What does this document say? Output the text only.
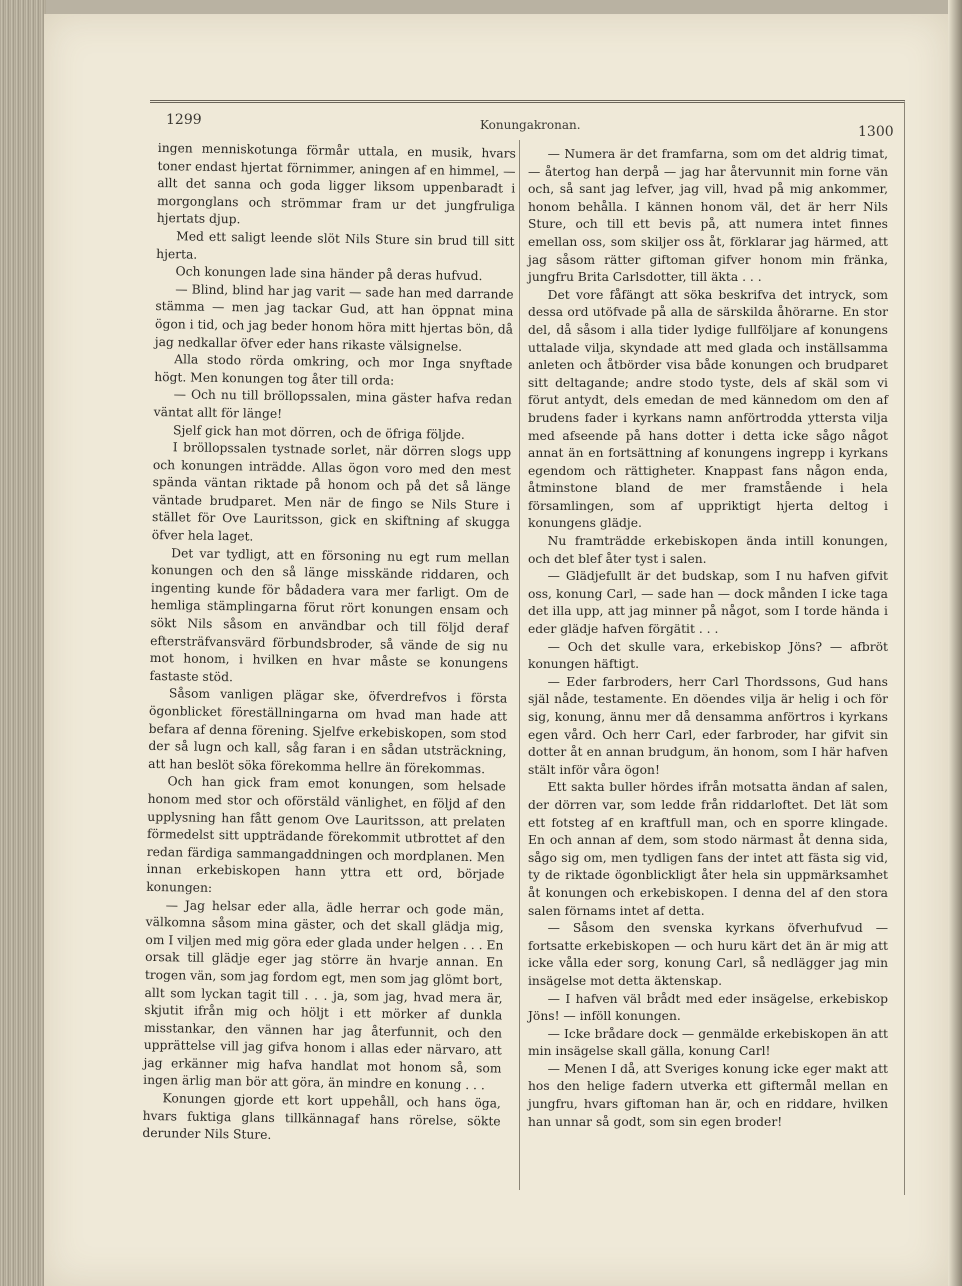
1299	Konungakronan.	1300

ingen menniskotunga förmår uttala, en musik, hvars toner endast hjertat förnimmer, aningen af en himmel, — allt det sanna och goda ligger liksom uppenbaradt i morgonglans och strömmar fram ur det jungfruliga hjertats djup.

Med ett saligt leende slöt Nils Sture sin brud till sitt hjerta.

Och konungen lade sina händer på deras hufvud.

— Blind, blind har jag varit — sade han med darrande stämma — men jag tackar Gud, att han öppnat mina ögon i tid, och jag beder honom höra mitt hjertas bön, då jag nedkallar öfver eder hans rikaste välsignelse.

Alla stodo rörda omkring, och mor Inga snyftade högt. Men konungen tog åter till orda:

— Och nu till bröllopssalen, mina gäster hafva redan väntat allt för länge!

Sjelf gick han mot dörren, och de öfriga följde.

I bröllopssalen tystnade sorlet, när dörren slogs upp och konungen inträdde. Allas ögon voro med den mest spända väntan riktade på honom och på det så länge väntade brudparet. Men när de fingo se Nils Sture i stället för Ove Lauritsson, gick en skiftning af skugga öfver hela laget.

Det var tydligt, att en försoning nu egt rum mellan konungen och den så länge misskände riddaren, och ingenting kunde för bådadera vara mer farligt. Om de hemliga stämplingarna förut rört konungen ensam och sökt Nils såsom en användbar och till följd deraf eftersträfvansvärd förbundsbroder, så vände de sig nu mot honom, i hvilken en hvar måste se konungens fastaste stöd.

Såsom vanligen plägar ske, öfverdrefvos i första ögonblicket föreställningarna om hvad man hade att befara af denna förening. Sjelfve erkebiskopen, som stod der så lugn och kall, såg faran i en sådan utsträckning, att han beslöt söka förekomma hellre än förekommas.

Och han gick fram emot konungen, som helsade honom med stor och oförstäld vänlighet, en följd af den upplysning han fått genom Ove Lauritsson, att prelaten förmedelst sitt uppträdande förekommit utbrottet af den redan färdiga sammangaddningen och mordplanen. Men innan erkebiskopen hann yttra ett ord, började konungen:

— Jag helsar eder alla, ädle herrar och gode män, välkomna såsom mina gäster, och det skall glädja mig, om I viljen med mig göra eder glada under helgen . . . En orsak till glädje eger jag större än hvarje annan. En trogen vän, som jag fordom egt, men som jag glömt bort, allt som lyckan tagit till . . . ja, som jag, hvad mera är, skjutit ifrån mig och höljt i ett mörker af dunkla misstankar, den vännen har jag återfunnit, och den upprättelse vill jag gifva honom i allas eder närvaro, att jag erkänner mig hafva handlat mot honom så, som ingen ärlig man bör att göra, än mindre en konung . . .

Konungen gjorde ett kort uppehåll, och hans öga, hvars fuktiga glans tillkännagaf hans rörelse, sökte derunder Nils Sture.

— Numera är det framfarna, som om det aldrig timat, — återtog han derpå — jag har återvunnit min forne vän och, så sant jag lefver, jag vill, hvad på mig ankommer, honom behålla. I kännen honom väl, det är herr Nils Sture, och till ett bevis på, att numera intet finnes emellan oss, som skiljer oss åt, förklarar jag härmed, att jag såsom rätter giftoman gifver honom min fränka, jungfru Brita Carlsdotter, till äkta . . .

Det vore fåfängt att söka beskrifva det intryck, som dessa ord utöfvade på alla de särskilda åhörarne. En stor del, då såsom i alla tider lydige fullföljare af konungens uttalade vilja, skyndade att med glada och inställsamma anleten och åtbörder visa både konungen och brudparet sitt deltagande; andre stodo tyste, dels af skäl som vi förut antydt, dels emedan de med kännedom om den af brudens fader i kyrkans namn anförtrodda yttersta vilja med afseende på hans dotter i detta icke sågo något annat än en fortsättning af konungens ingrepp i kyrkans egendom och rättigheter. Knappast fans någon enda, åtminstone bland de mer framstående i hela församlingen, som af uppriktigt hjerta deltog i konungens glädje.

Nu framträdde erkebiskopen ända intill konungen, och det blef åter tyst i salen.

— Glädjefullt är det budskap, som I nu hafven gifvit oss, konung Carl, — sade han — dock månden I icke taga det illa upp, att jag minner på något, som I torde hända i eder glädje hafven förgätit . . .

— Och det skulle vara, erkebiskop Jöns? — afbröt konungen häftigt.

— Eder farbroders, herr Carl Thordssons, Gud hans själ nåde, testamente. En döendes vilja är helig i och för sig, konung, ännu mer då densamma anförtros i kyrkans egen vård. Och herr Carl, eder farbroder, har gifvit sin dotter åt en annan brudgum, än honom, som I här hafven stält inför våra ögon!

Ett sakta buller hördes ifrån motsatta ändan af salen, der dörren var, som ledde från riddarloftet. Det lät som ett fotsteg af en kraftfull man, och en sporre klingade. En och annan af dem, som stodo närmast åt denna sida, sågo sig om, men tydligen fans der intet att fästa sig vid, ty de riktade ögonblickligt åter hela sin uppmärksamhet åt konungen och erkebiskopen. I denna del af den stora salen förnams intet af detta.

— Såsom den svenska kyrkans öfverhufvud — fortsatte erkebiskopen — och huru kärt det än är mig att icke vålla eder sorg, konung Carl, så nedlägger jag min insägelse mot detta äktenskap.

— I hafven väl brådt med eder insägelse, erkebiskop Jöns! — inföll konungen.

— Icke brådare dock — genmälde erkebiskopen än att min insägelse skall gälla, konung Carl!

— Menen I då, att Sveriges konung icke eger makt att hos den helige fadern utverka ett giftermål mellan en jungfru, hvars giftoman han är, och en riddare, hvilken han unnar så godt, som sin egen broder!
